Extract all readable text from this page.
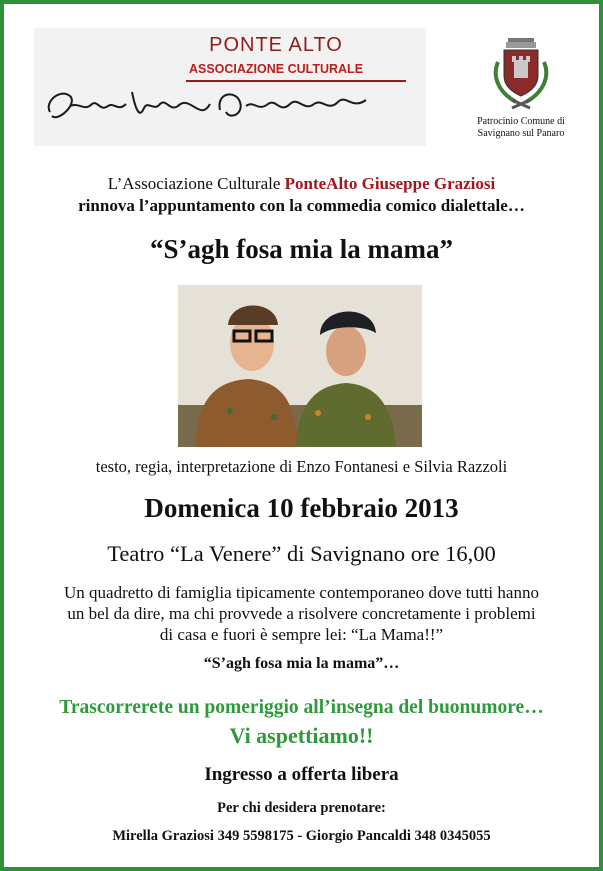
PONTE ALTO
ASSOCIAZIONE CULTURALE
Patrocinio Comune di
Savignano sul Panaro
L’Associazione Culturale PonteAlto Giuseppe Graziosi
rinnova l’appuntamento con la commedia comico dialettale…
“S’agh fosa mia la mama”
testo, regia, interpretazione di Enzo Fontanesi e Silvia Razzoli
Domenica 10 febbraio 2013
Teatro “La Venere” di Savignano ore 16,00
Un quadretto di famiglia tipicamente contemporaneo dove tutti hanno
un bel da dire, ma chi provvede a risolvere concretamente i problemi
di casa e fuori è sempre lei: “La Mama!!”
“S’agh fosa mia la mama”…
Trascorrerete un pomeriggio all’insegna del buonumore…
Vi aspettiamo!!
Ingresso a offerta libera
Per chi desidera prenotare:
Mirella Graziosi 349 5598175 - Giorgio Pancaldi 348 0345055
